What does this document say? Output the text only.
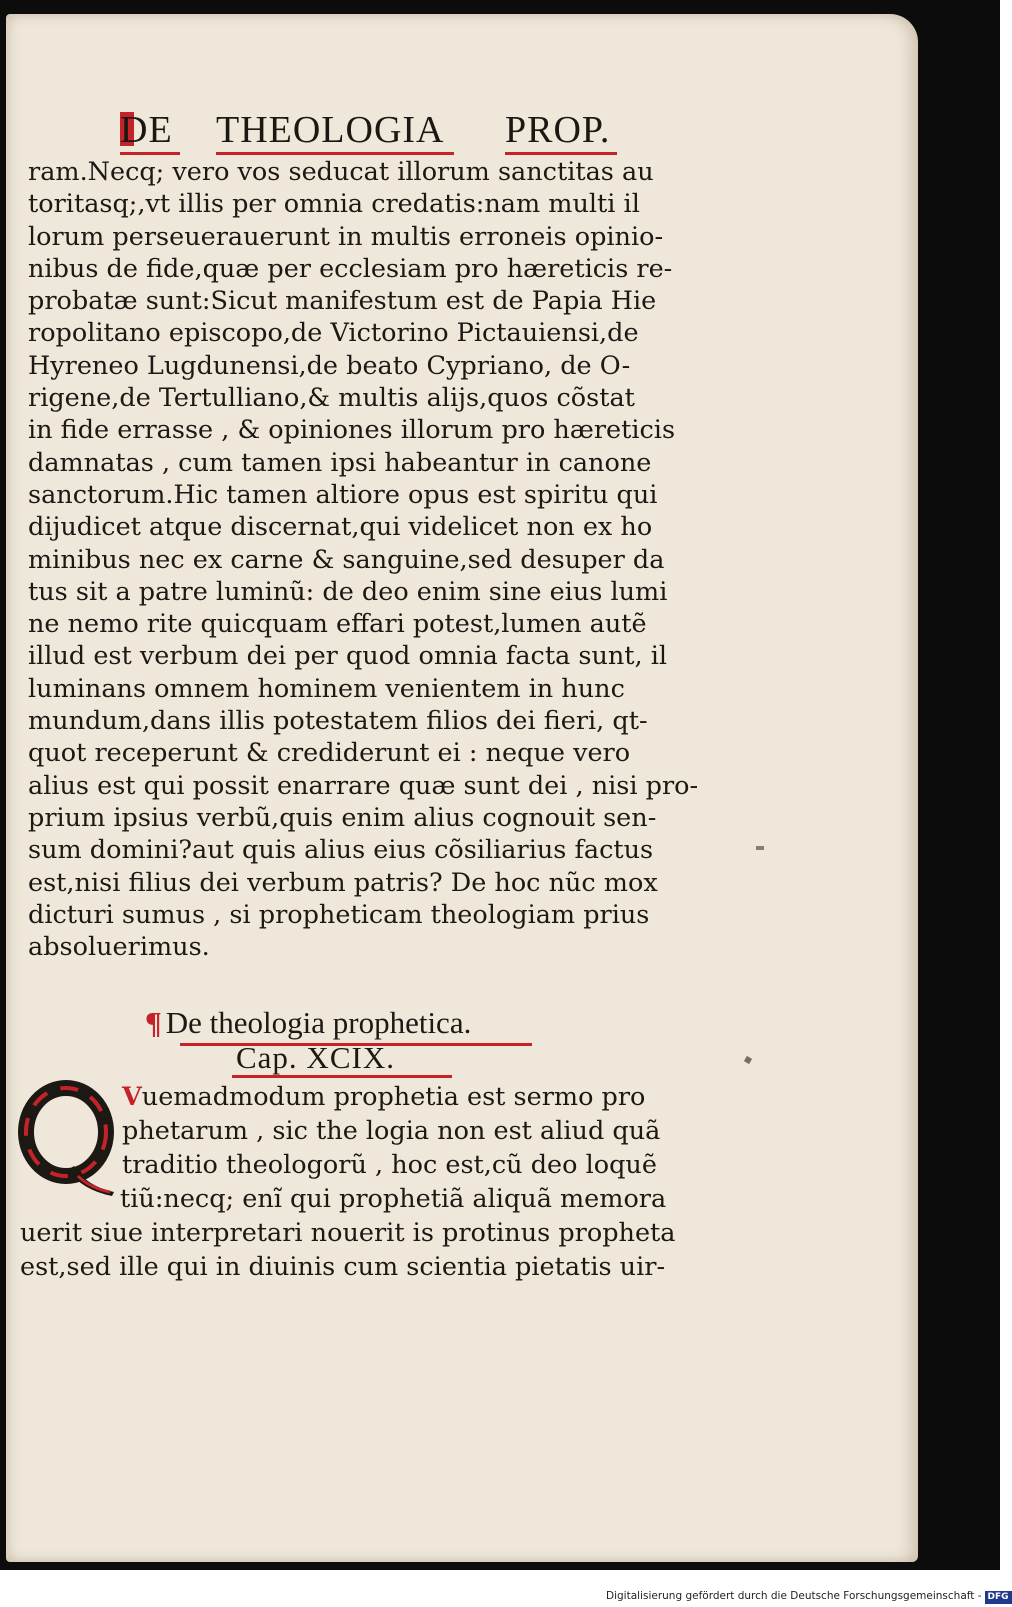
DE THEOLOGIA PROP.
ram.Necq; vero vos seducat illorum sanctitas au
toritasq;,vt illis per omnia credatis:nam multi il
lorum perseuerauerunt in multis erroneis opinio-
nibus de fide,quæ per ecclesiam pro hæreticis re-
probatæ sunt:Sicut manifestum est de Papia Hie
ropolitano episcopo,de Victorino Pictauiensi,de
Hyreneo Lugdunensi,de beato Cypriano, de O-
rigene,de Tertulliano,& multis alijs,quos cõstat
in fide errasse , & opiniones illorum pro hæreticis
damnatas , cum tamen ipsi habeantur in canone
sanctorum.Hic tamen altiore opus est spiritu qui
dijudicet atque discernat,qui videlicet non ex ho
minibus nec ex carne & sanguine,sed desuper da
tus sit a patre luminũ: de deo enim sine eius lumi
ne nemo rite quicquam effari potest,lumen autẽ
illud est verbum dei per quod omnia facta sunt, il
luminans omnem hominem venientem in hunc
mundum,dans illis potestatem filios dei fieri, qt-
quot receperunt & crediderunt ei : neque vero
alius est qui possit enarrare quæ sunt dei , nisi pro-
prium ipsius verbũ,quis enim alius cognouit sen-
sum domini?aut quis alius eius cõsiliarius factus
est,nisi filius dei verbum patris? De hoc nũc mox
dicturi sumus , si propheticam theologiam prius
absoluerimus.
¶ De theologia prophetica.
Cap. XCIX.
Vuemadmodum prophetia est sermo pro
phetarum , sic the logia non est aliud quã
traditio theologorũ , hoc est,cũ deo loquẽ
tiũ:necq; enĩ qui prophetiã aliquã memora
uerit siue interpretari nouerit is protinus propheta
est,sed ille qui in diuinis cum scientia pietatis uir-
Digitalisierung gefördert durch die Deutsche Forschungsgemeinschaft - DFG
